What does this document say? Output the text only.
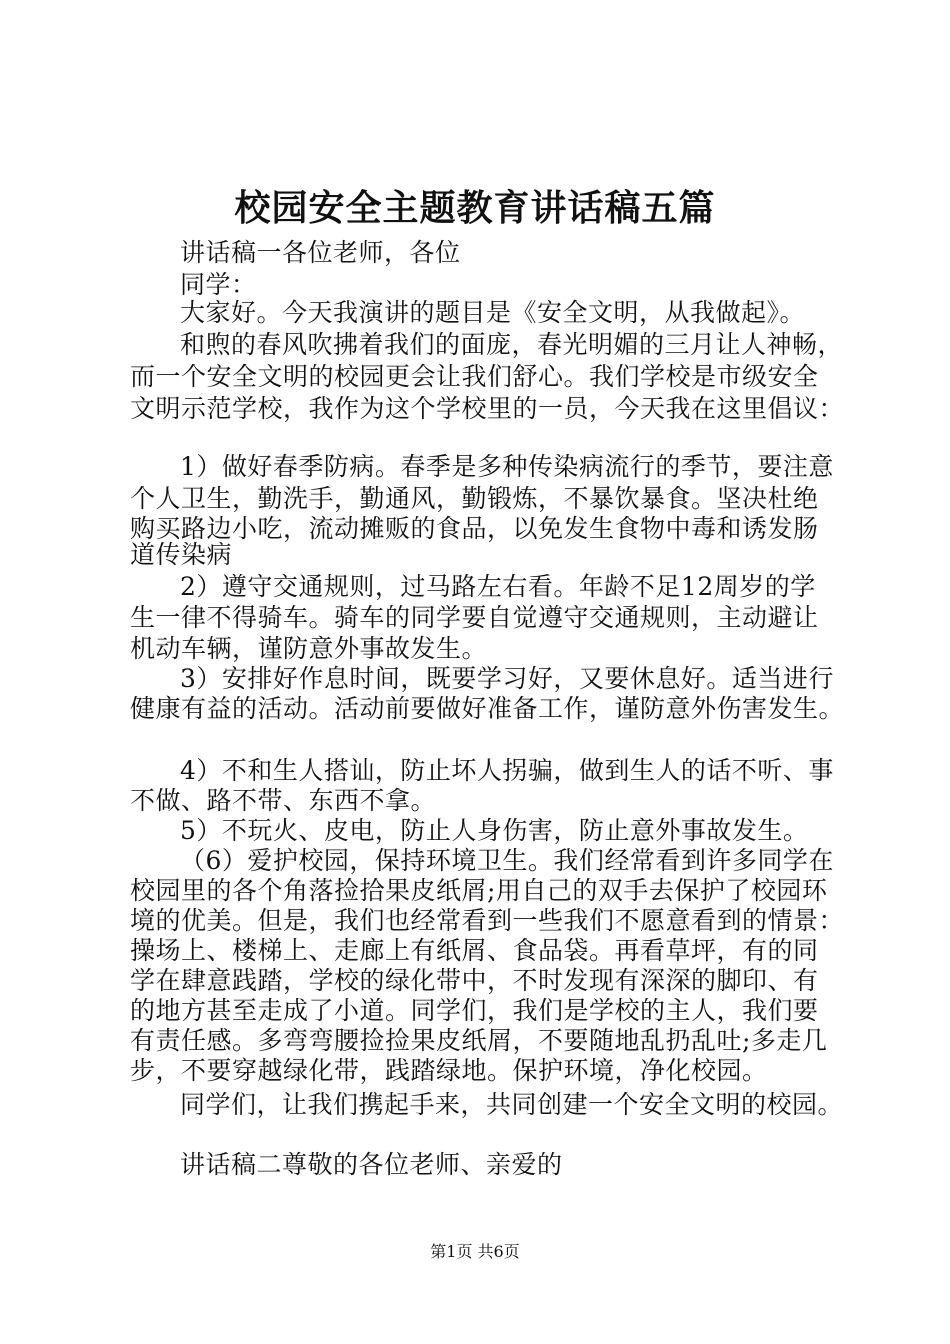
校园安全主题教育讲话稿五篇
讲话稿一各位老师，各位
同学：
大家好。今天我演讲的题目是《安全文明，从我做起》。
和煦的春风吹拂着我们的面庞，春光明媚的三月让人神畅，
而一个安全文明的校园更会让我们舒心。我们学校是市级安全
文明示范学校，我作为这个学校里的一员，今天我在这里倡议：
1）做好春季防病。春季是多种传染病流行的季节，要注意
个人卫生，勤洗手，勤通风，勤锻炼，不暴饮暴食。坚决杜绝
购买路边小吃，流动摊贩的食品，以免发生食物中毒和诱发肠
道传染病
2）遵守交通规则，过马路左右看。年龄不足12周岁的学
生一律不得骑车。骑车的同学要自觉遵守交通规则，主动避让
机动车辆，谨防意外事故发生。
3）安排好作息时间，既要学习好，又要休息好。适当进行
健康有益的活动。活动前要做好准备工作，谨防意外伤害发生。
4）不和生人搭讪，防止坏人拐骗，做到生人的话不听、事
不做、路不带、东西不拿。
5）不玩火、皮电，防止人身伤害，防止意外事故发生。
（6）爱护校园，保持环境卫生。我们经常看到许多同学在
校园里的各个角落捡拾果皮纸屑;用自己的双手去保护了校园环
境的优美。但是，我们也经常看到一些我们不愿意看到的情景：
操场上、楼梯上、走廊上有纸屑、食品袋。再看草坪，有的同
学在肆意践踏，学校的绿化带中，不时发现有深深的脚印、有
的地方甚至走成了小道。同学们，我们是学校的主人，我们要
有责任感。多弯弯腰捡捡果皮纸屑，不要随地乱扔乱吐;多走几
步，不要穿越绿化带，践踏绿地。保护环境，净化校园。
同学们，让我们携起手来，共同创建一个安全文明的校园。
讲话稿二尊敬的各位老师、亲爱的
第1页 共6页
